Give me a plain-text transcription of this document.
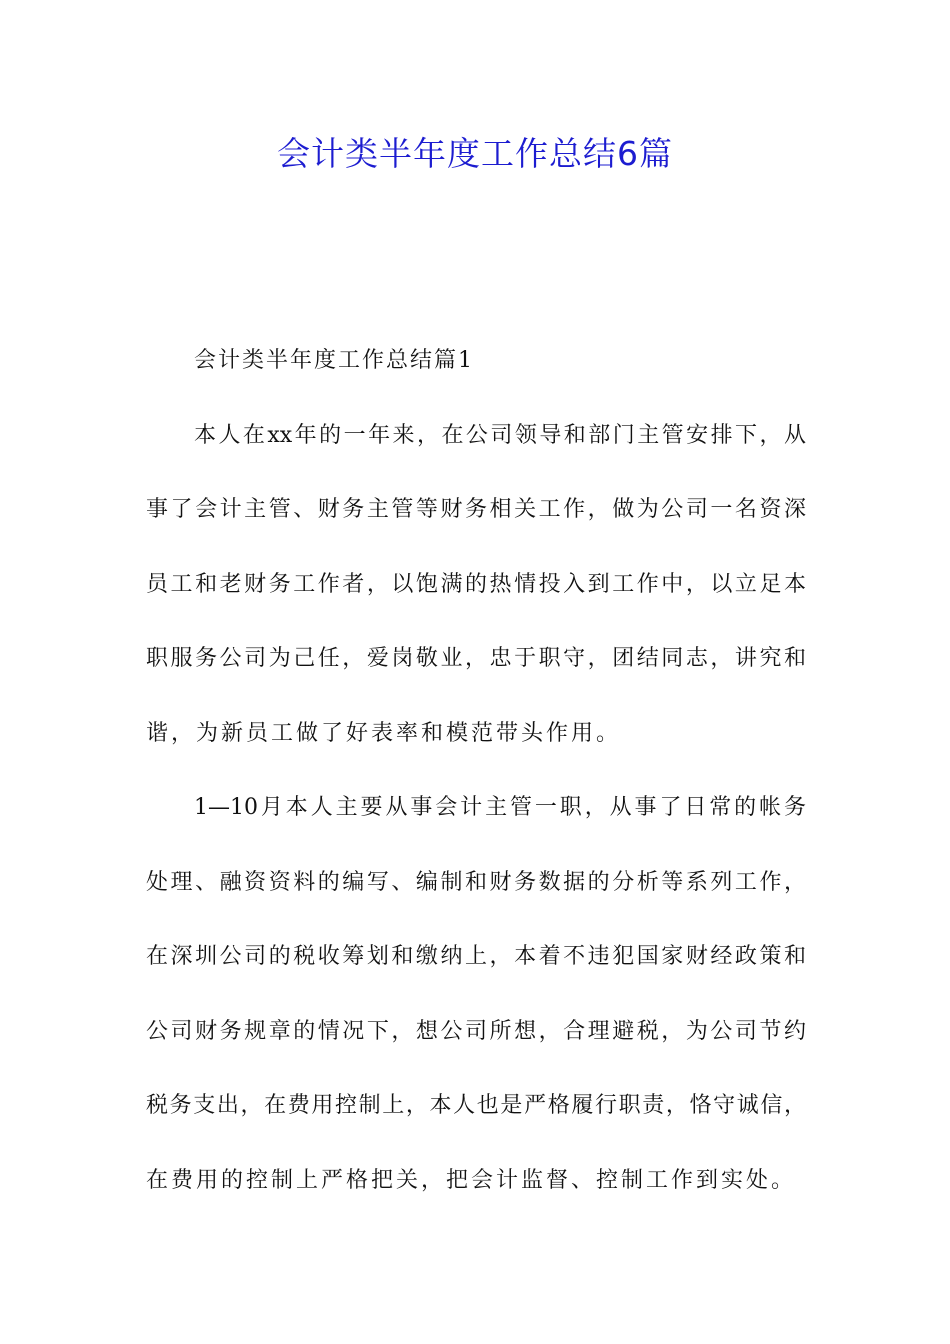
会计类半年度工作总结6篇
会计类半年度工作总结篇1
本人在xx年的一年来，在公司领导和部门主管安排下，从
事了会计主管、财务主管等财务相关工作，做为公司一名资深
员工和老财务工作者，以饱满的热情投入到工作中，以立足本
职服务公司为己任，爱岗敬业，忠于职守，团结同志，讲究和
谐，为新员工做了好表率和模范带头作用。
1—10月本人主要从事会计主管一职，从事了日常的帐务
处理、融资资料的编写、编制和财务数据的分析等系列工作，
在深圳公司的税收筹划和缴纳上，本着不违犯国家财经政策和
公司财务规章的情况下，想公司所想，合理避税，为公司节约
税务支出，在费用控制上，本人也是严格履行职责，恪守诚信，
在费用的控制上严格把关，把会计监督、控制工作到实处。
